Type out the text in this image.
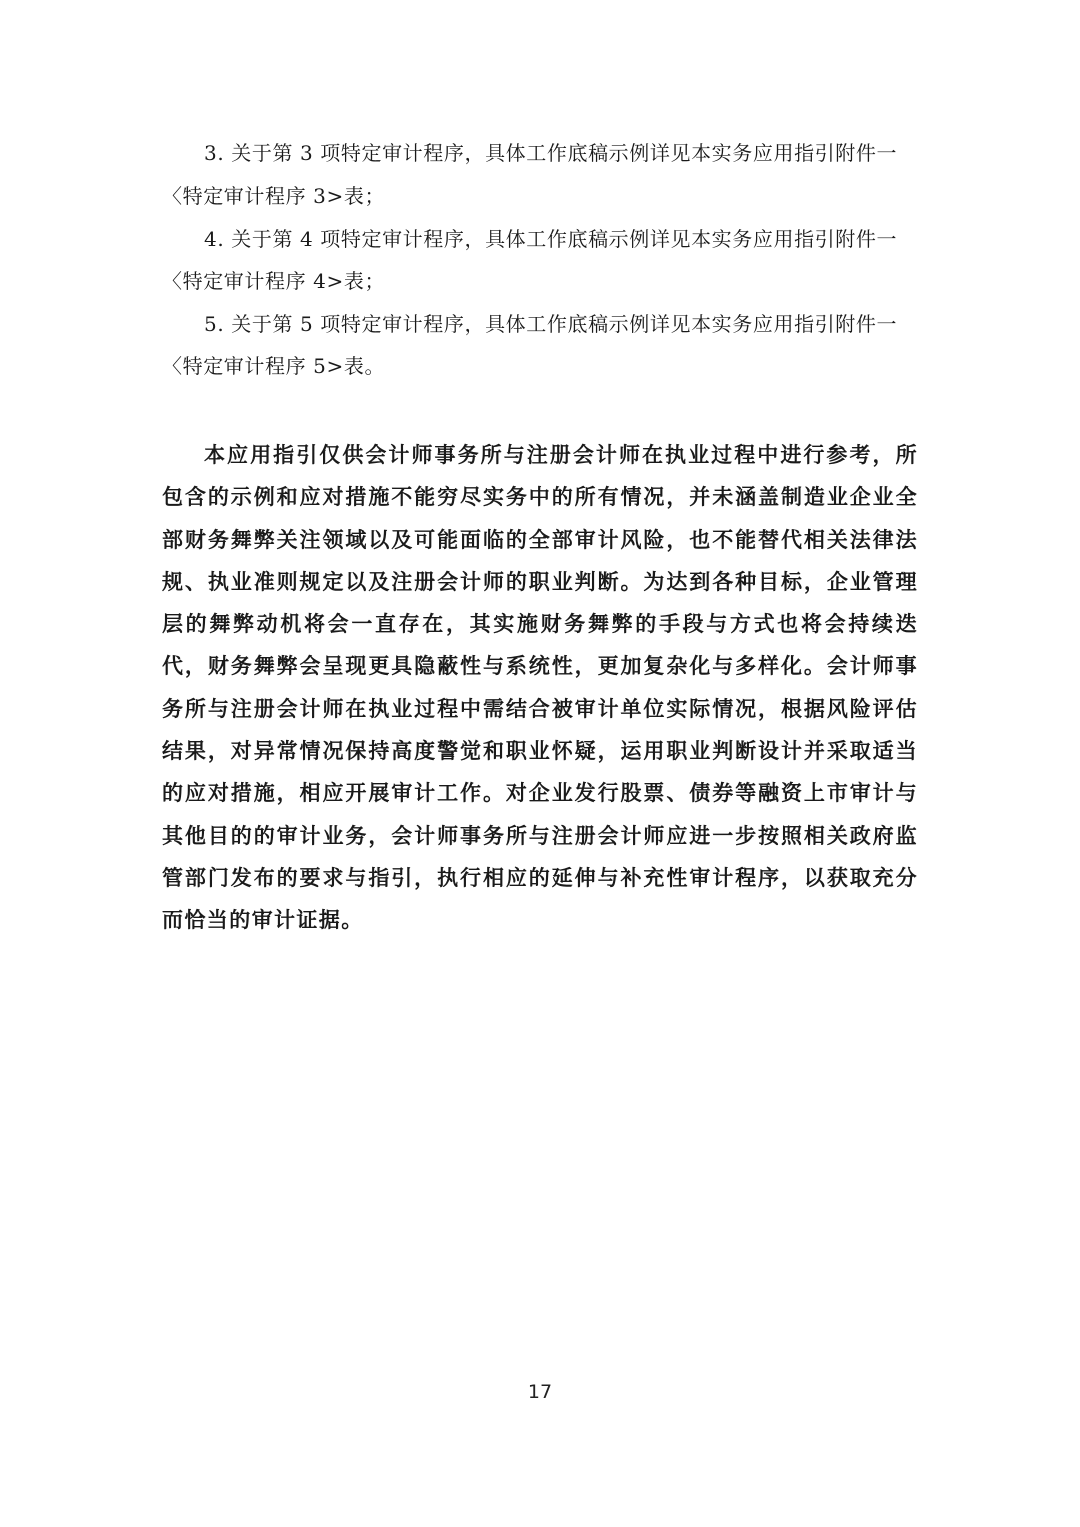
3. 关于第 3 项特定审计程序，具体工作底稿示例详见本实务应用指引附件一
〈特定审计程序 3>表；
4. 关于第 4 项特定审计程序，具体工作底稿示例详见本实务应用指引附件一
〈特定审计程序 4>表；
5. 关于第 5 项特定审计程序，具体工作底稿示例详见本实务应用指引附件一
〈特定审计程序 5>表。
本应用指引仅供会计师事务所与注册会计师在执业过程中进行参考，所包含的示例和应对措施不能穷尽实务中的所有情况，并未涵盖制造业企业全部财务舞弊关注领域以及可能面临的全部审计风险，也不能替代相关法律法规、执业准则规定以及注册会计师的职业判断。为达到各种目标，企业管理层的舞弊动机将会一直存在，其实施财务舞弊的手段与方式也将会持续迭代，财务舞弊会呈现更具隐蔽性与系统性，更加复杂化与多样化。会计师事务所与注册会计师在执业过程中需结合被审计单位实际情况，根据风险评估结果，对异常情况保持高度警觉和职业怀疑，运用职业判断设计并采取适当的应对措施，相应开展审计工作。对企业发行股票、债券等融资上市审计与其他目的的审计业务，会计师事务所与注册会计师应进一步按照相关政府监管部门发布的要求与指引，执行相应的延伸与补充性审计程序，以获取充分而恰当的审计证据。
17
